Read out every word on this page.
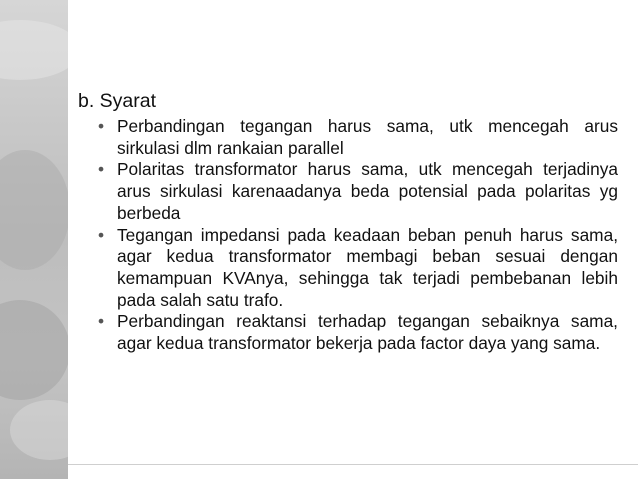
b. Syarat
• Perbandingan tegangan harus sama, utk mencegah arus sirkulasi dlm rankaian parallel
• Polaritas transformator harus sama, utk mencegah terjadinya arus sirkulasi karenaadanya beda potensial pada polaritas yg berbeda
• Tegangan impedansi pada keadaan beban penuh harus sama, agar kedua transformator membagi beban sesuai dengan kemampuan KVAnya, sehingga tak terjadi pembebanan lebih pada salah satu trafo.
• Perbandingan reaktansi terhadap tegangan sebaiknya sama, agar kedua transformator bekerja pada factor daya yang sama.
